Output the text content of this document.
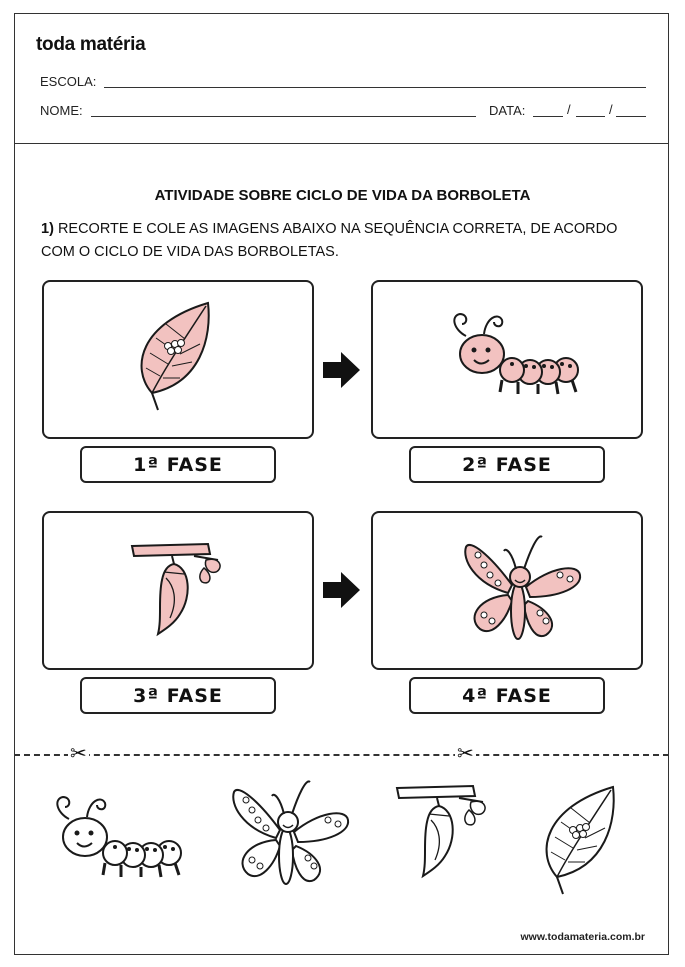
toda matéria
ESCOLA:
NOME:	DATA:	/	/
ATIVIDADE SOBRE CICLO DE VIDA DA BORBOLETA
1) RECORTE E COLE AS IMAGENS ABAIXO NA SEQUÊNCIA CORRETA, DE ACORDO COM O CICLO DE VIDA DAS BORBOLETAS.
1ª FASE	2ª FASE
3ª FASE	4ª FASE
✂	✂
www.todamateria.com.br
